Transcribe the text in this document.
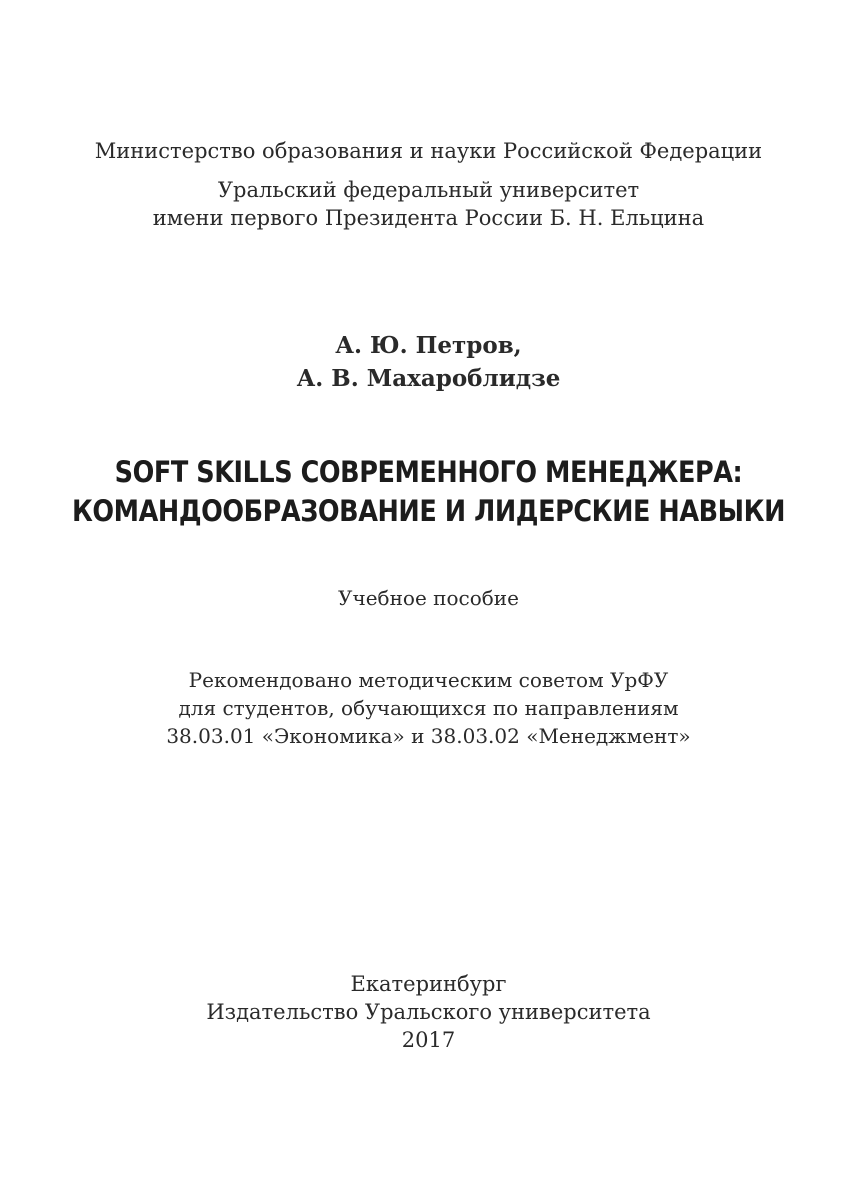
Министерство образования и науки Российской Федерации
Уральский федеральный университет
имени первого Президента России Б. Н. Ельцина
А. Ю. Петров,
А. В. Махароблидзе
SOFT SKILLS СОВРЕМЕННОГО МЕНЕДЖЕРА:
КОМАНДООБРАЗОВАНИЕ И ЛИДЕРСКИЕ НАВЫКИ
Учебное пособие
Рекомендовано методическим советом УрФУ
для студентов, обучающихся по направлениям
38.03.01 «Экономика» и 38.03.02 «Менеджмент»
Екатеринбург
Издательство Уральского университета
2017
